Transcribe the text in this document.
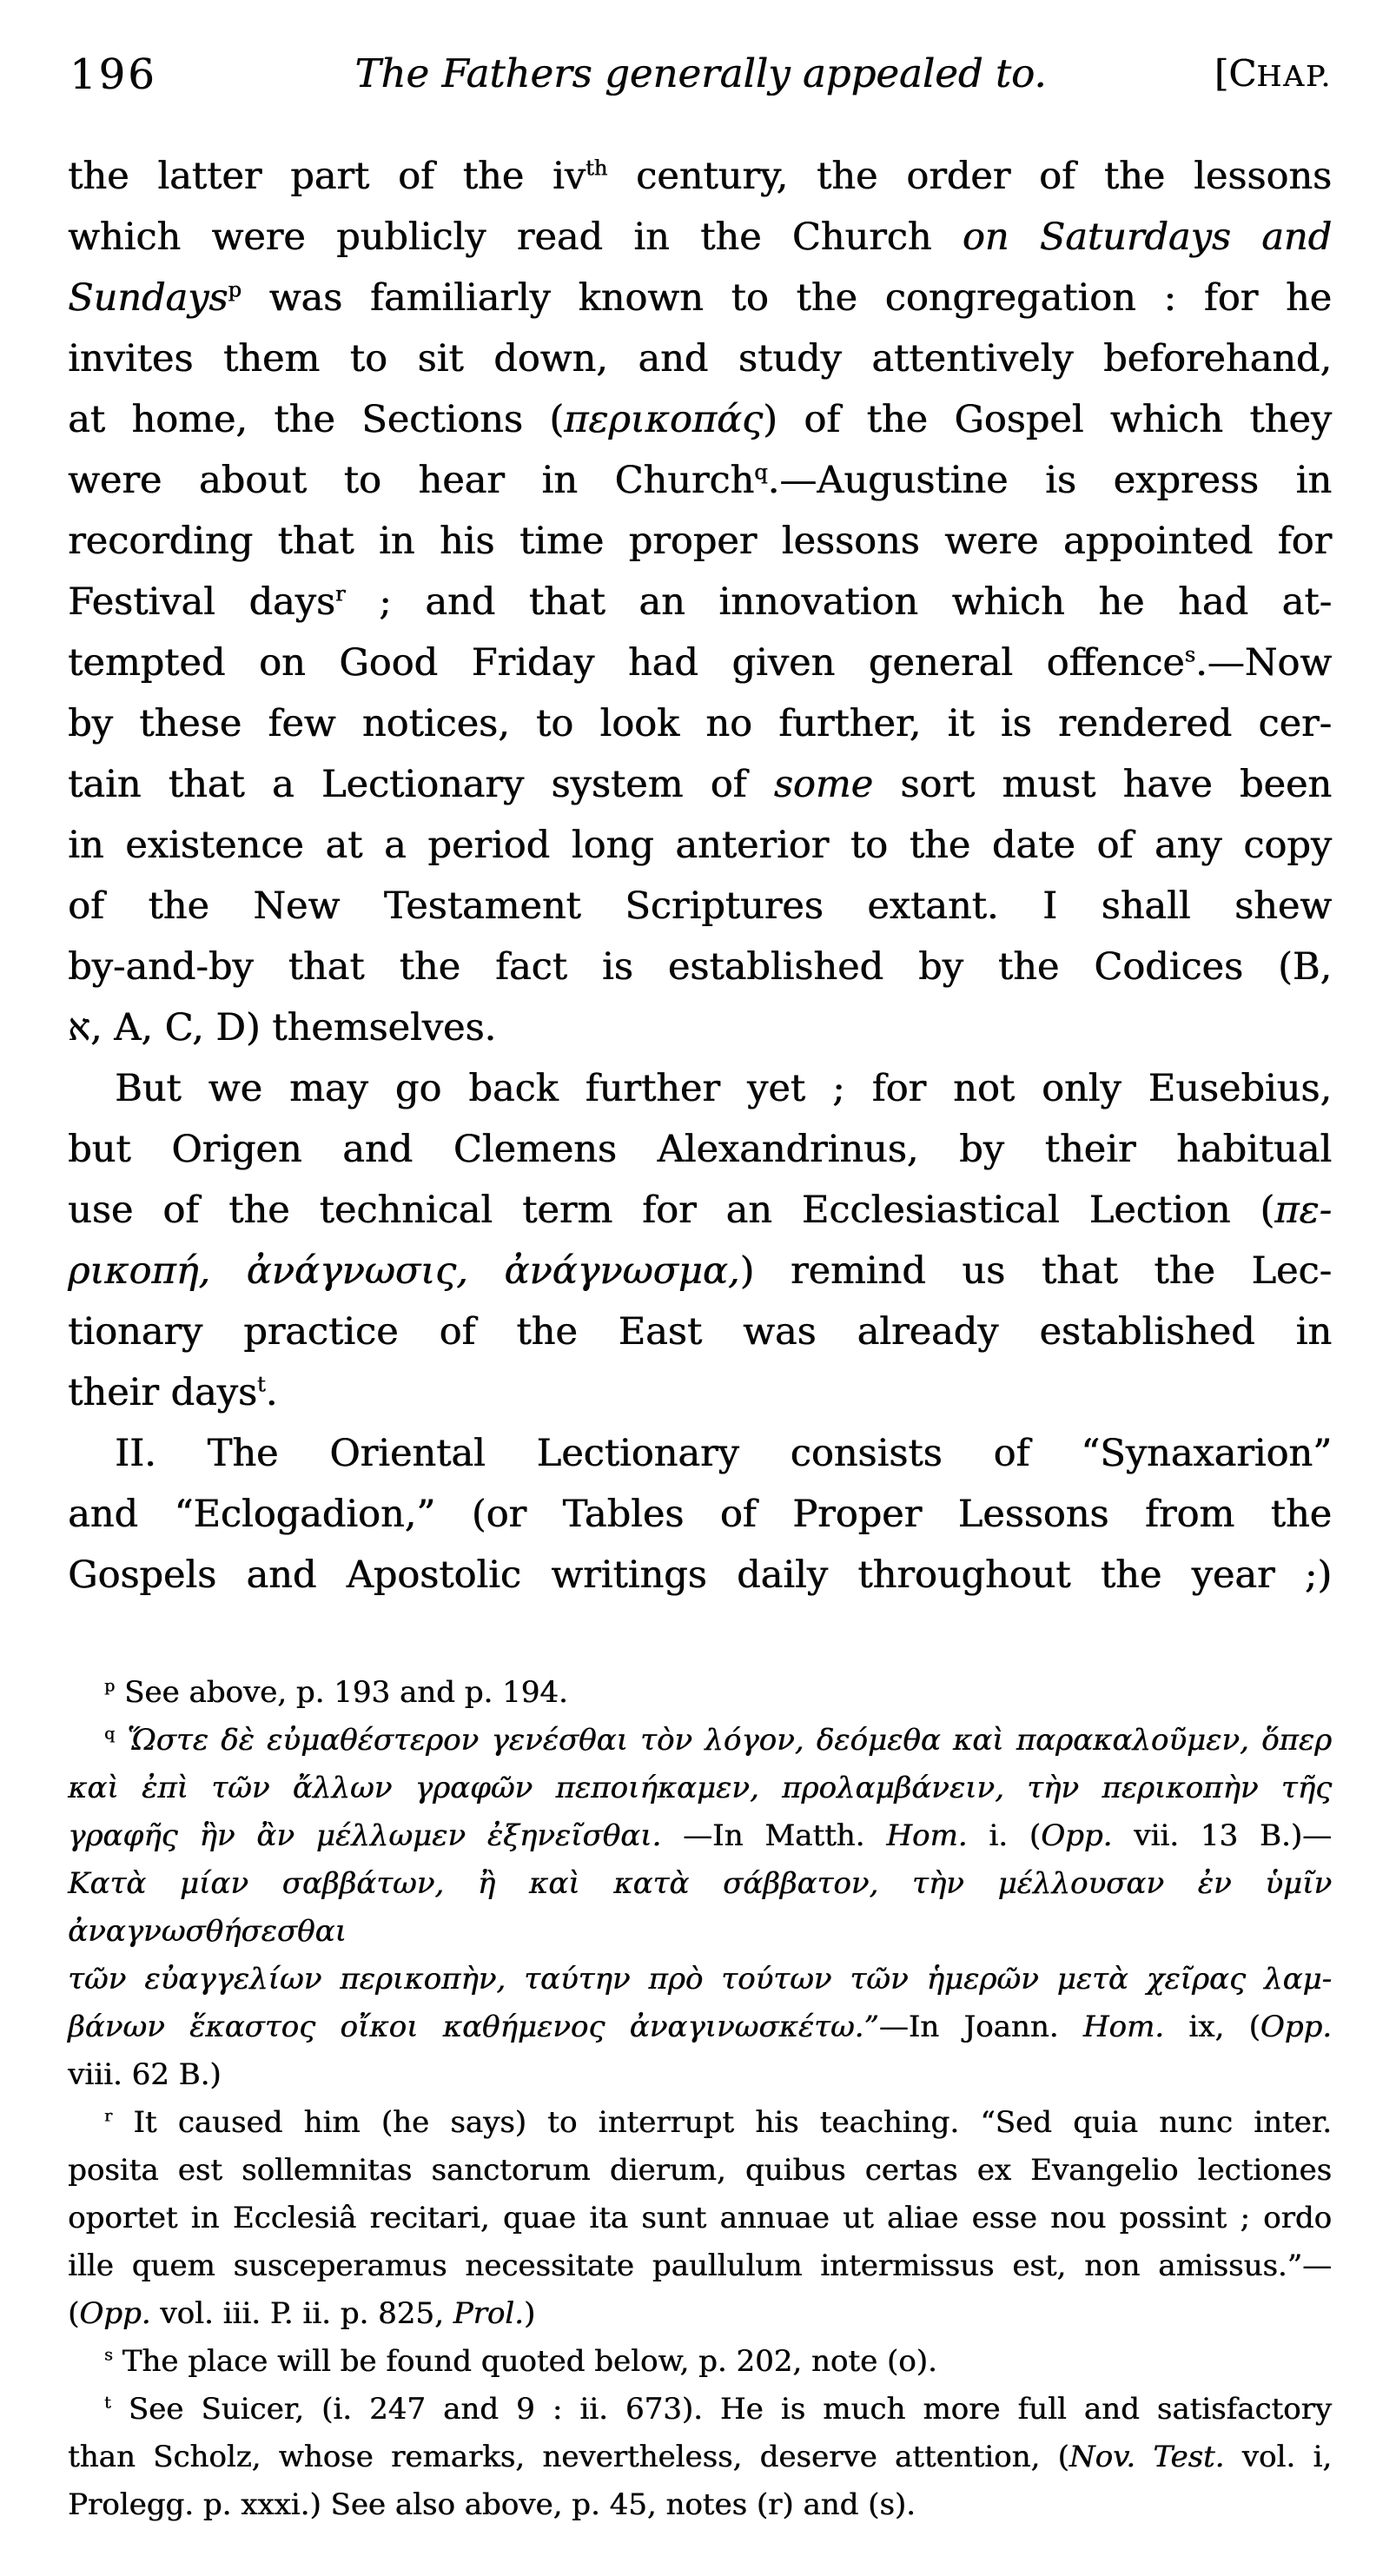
196	The Fathers generally appealed to.	[CHAP.
the latter part of the $iv^{th}$ century, the order of the lessons
which were publicly read in the Church on Saturdays and
Sundays$^p$ was familiarly known to the congregation : for he
invites them to sit down, and study attentively beforehand,
at home, the Sections (περικοπάς) of the Gospel which they
were about to hear in Church$^q$.—Augustine is express in
recording that in his time proper lessons were appointed for
Festival days$^r$ ; and that an innovation which he had at-
tempted on Good Friday had given general offence$^s$.—Now
by these few notices, to look no further, it is rendered cer-
tain that a Lectionary system of some sort must have been
in existence at a period long anterior to the date of any copy
of the New Testament Scriptures extant. I shall shew
by-and-by that the fact is established by the Codices (B,
א, A, C, D) themselves.
But we may go back further yet ; for not only Eusebius,
but Origen and Clemens Alexandrinus, by their habitual
use of the technical term for an Ecclesiastical Lection (πε-
ρικοπή, ἀνάγνωσις, ἀνάγνωσμα,) remind us that the Lec-
tionary practice of the East was already established in
their days$^t$.
II. The Oriental Lectionary consists of “Synaxarion”
and “Eclogadion,” (or Tables of Proper Lessons from the
Gospels and Apostolic writings daily throughout the year ;)
$^p$ See above, p. 193 and p. 194.
$^q$ Ὥστε δὲ εὐμαθέστερον γενέσθαι τὸν λόγον, δεόμεθα καὶ παρακαλοῦμεν, ὅπερ
καὶ ἐπὶ τῶν ἄλλων γραφῶν πεποιήκαμεν, προλαμβάνειν, τὴν περικοπὴν τῆς
γραφῆς ἣν ἂν μέλλωμεν ἐξηνεῖσθαι. —In Matth. Hom. i. (Opp. vii. 13 B.)—
Κατὰ μίαν σαββάτων, ἢ καὶ κατὰ σάββατον, τὴν μέλλουσαν ἐν ὑμῖν ἀναγνωσθήσεσθαι
τῶν εὐαγγελίων περικοπὴν, ταύτην πρὸ τούτων τῶν ἡμερῶν μετὰ χεῖρας λαμ-
βάνων ἕκαστος οἴκοι καθήμενος ἀναγινωσκέτω.”—In Joann. Hom. ix, (Opp.
viii. 62 B.)
$^r$ It caused him (he says) to interrupt his teaching. “Sed quia nunc inter.
posita est sollemnitas sanctorum dierum, quibus certas ex Evangelio lectiones
oportet in Ecclesiâ recitari, quae ita sunt annuae ut aliae esse nou possint ; ordo
ille quem susceperamus necessitate paullulum intermissus est, non amissus.”—
(Opp. vol. iii. P. ii. p. 825, Prol.)
$^s$ The place will be found quoted below, p. 202, note (o).
$^t$ See Suicer, (i. 247 and 9 : ii. 673). He is much more full and satisfactory
than Scholz, whose remarks, nevertheless, deserve attention, (Nov. Test. vol. i,
Prolegg. p. xxxi.) See also above, p. 45, notes (r) and (s).
